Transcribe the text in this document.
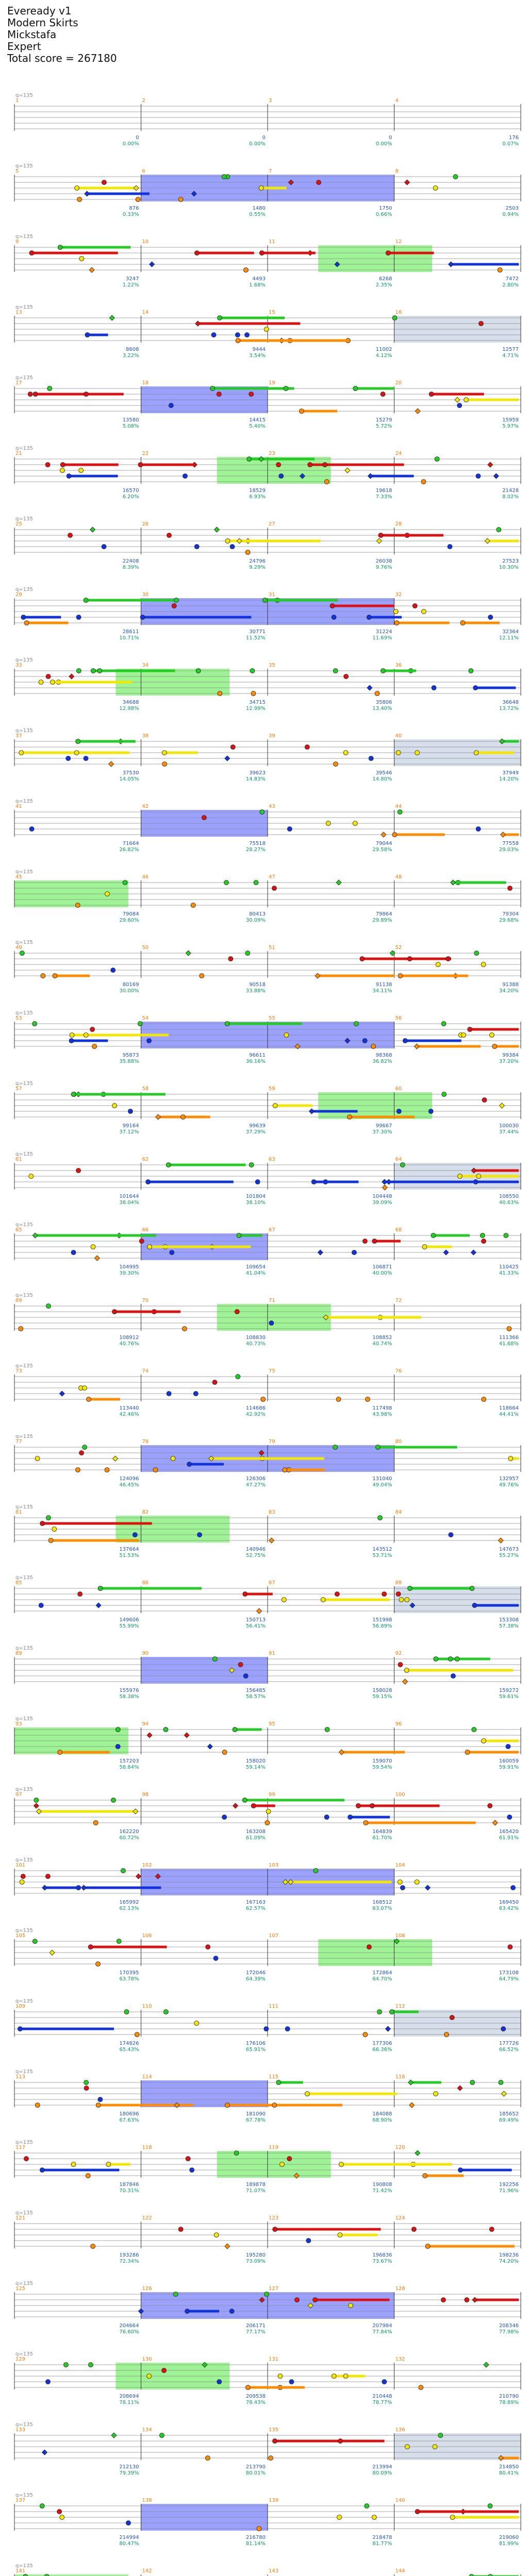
Eveready v1
Modern Skirts
Mickstafa
Expert
Total score = 267180
1
q=135
0
0.00%
2
0
0.00%
3
0
0.00%
4
176
0.07%
5
q=135
876
0.33%
6
1480
0.55%
7
1750
0.66%
8
2503
0.94%
9
q=135
3247
1.22%
10
4493
1.68%
11
6268
2.35%
12
7472
2.80%
13
q=135
8608
3.22%
14
9444
3.54%
15
11002
4.12%
16
12577
4.71%
17
q=135
13580
5.08%
18
14415
5.40%
19
15279
5.72%
20
15959
5.97%
21
q=135
16570
6.20%
22
18529
6.93%
23
19618
7.33%
24
21428
8.02%
25
q=135
22408
8.39%
26
24796
9.29%
27
26038
9.76%
28
27523
10.30%
29
q=135
28611
10.71%
30
30771
11.52%
31
31224
11.69%
32
32364
12.11%
33
q=135
34688
12.98%
34
34715
12.99%
35
35806
13.40%
36
36648
13.72%
37
q=135
37530
14.05%
38
39623
14.83%
39
39546
14.80%
40
37949
14.20%
41
q=135
71664
26.82%
42
75518
28.27%
43
79044
29.58%
44
77558
29.03%
45
q=135
79084
29.60%
46
80413
30.09%
47
79864
29.89%
48
79304
29.68%
49
q=135
80169
30.00%
50
90518
33.88%
51
91138
34.11%
52
91388
34.20%
53
q=135
95873
35.88%
54
96611
36.16%
55
98368
36.82%
56
99384
37.20%
57
q=135
99164
37.12%
58
99639
37.29%
59
99667
37.30%
60
100030
37.44%
61
q=135
101644
38.04%
62
101804
38.10%
63
104448
39.09%
64
108550
40.63%
65
q=135
104995
39.30%
66
109654
41.04%
67
106871
40.00%
68
110425
41.33%
69
q=135
108912
40.76%
70
108830
40.73%
71
108852
40.74%
72
111366
41.68%
73
q=135
113440
42.46%
74
114686
42.92%
75
117498
43.98%
76
118664
44.41%
77
q=135
124096
46.45%
78
126306
47.27%
79
131040
49.04%
80
132957
49.76%
81
q=135
137664
51.53%
82
140946
52.75%
83
143512
53.71%
84
147673
55.27%
85
q=135
149606
55.99%
86
150713
56.41%
87
151998
56.89%
88
153308
57.38%
89
q=135
155976
58.38%
90
156485
58.57%
91
158028
59.15%
92
159272
59.61%
93
q=135
157203
58.84%
94
158020
59.14%
95
159070
59.54%
96
160059
59.91%
97
q=135
162220
60.72%
98
163208
61.09%
99
164839
61.70%
100
165420
61.91%
101
q=135
165992
62.13%
102
167163
62.57%
103
168512
63.07%
104
169450
63.42%
105
q=135
170395
63.78%
106
172046
64.39%
107
172864
64.70%
108
173108
64.79%
109
q=135
174826
65.43%
110
176106
65.91%
111
177306
66.36%
112
177726
66.52%
113
q=135
180696
67.63%
114
181090
67.78%
115
184088
68.90%
116
185652
69.49%
117
q=135
187846
70.31%
118
189878
71.07%
119
190808
71.42%
120
192256
71.96%
121
q=135
193286
72.34%
122
195280
73.09%
123
196836
73.67%
124
198236
74.20%
125
q=135
204664
76.60%
126
206171
77.17%
127
207984
77.84%
128
208346
77.98%
129
q=135
208694
78.11%
130
209538
78.43%
131
210448
78.77%
132
210790
78.89%
133
q=135
212130
79.39%
134
213790
80.01%
135
213994
80.09%
136
214850
80.41%
137
q=135
214994
80.47%
138
216780
81.14%
139
218478
81.77%
140
219060
81.99%
141
q=135
142	143	144
